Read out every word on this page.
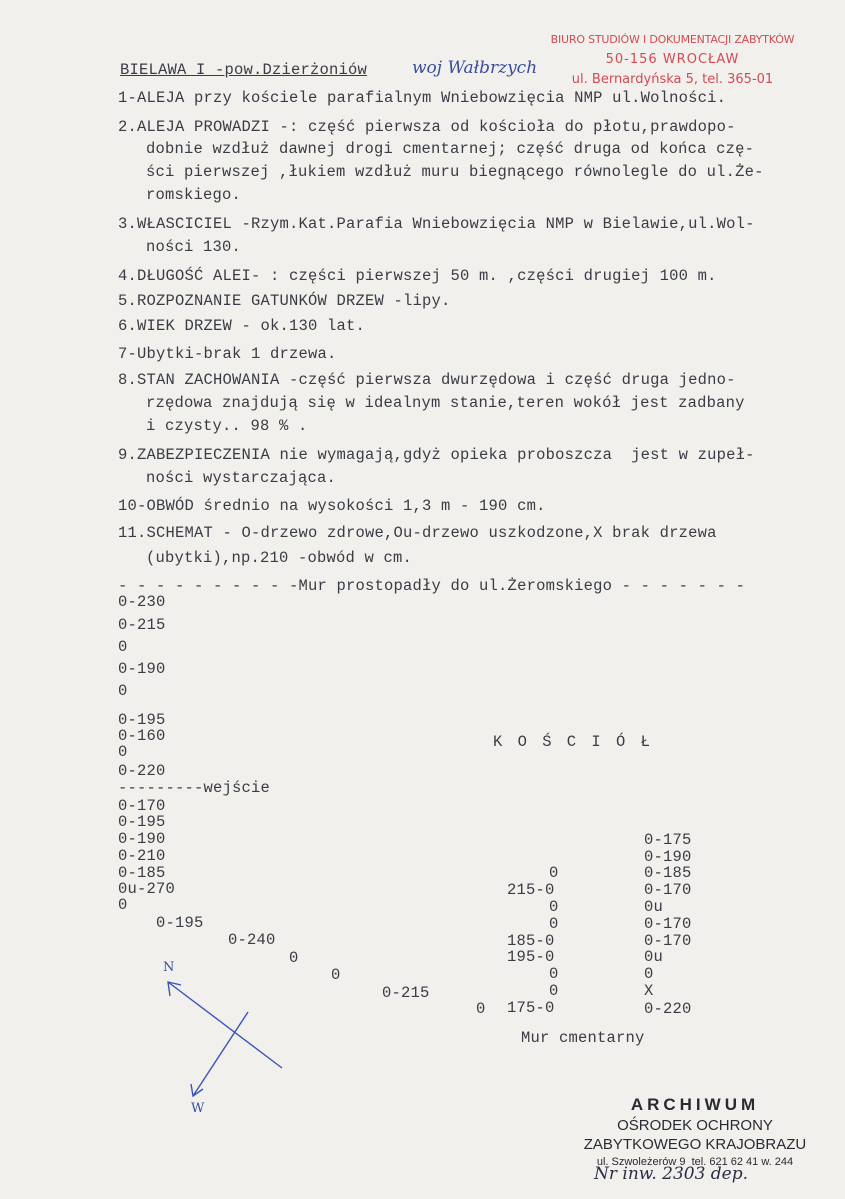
BIELAWA I -pow.Dzierżoniów	woj Wałbrzych
BIURO STUDIÓW I DOKUMENTACJI ZABYTKÓW
50-156 WROCŁAW
ul. Bernardyńska 5, tel. 365-01
1-ALEJA przy kościele parafialnym Wniebowzięcia NMP ul.Wolności.
2.ALEJA PROWADZI -: część pierwsza od kościoła do płotu,prawdopo-
dobnie wzdłuż dawnej drogi cmentarnej; część druga od końca czę-
ści pierwszej ,łukiem wzdłuż muru biegnącego równolegle do ul.Że-
romskiego.
3.WŁASCICIEL -Rzym.Kat.Parafia Wniebowzięcia NMP w Bielawie,ul.Wol-
ności 130.
4.DŁUGOŚĆ ALEI- : części pierwszej 50 m. ,części drugiej 100 m.
5.ROZPOZNANIE GATUNKÓW DRZEW -lipy.
6.WIEK DRZEW - ok.130 lat.
7-Ubytki-brak 1 drzewa.
8.STAN ZACHOWANIA -część pierwsza dwurzędowa i część druga jedno-
rzędowa znajdują się w idealnym stanie,teren wokół jest zadbany
i czysty.. 98 % .
9.ZABEZPIECZENIA nie wymagają,gdyż opieka proboszcza  jest w zupeł-
ności wystarczająca.
10-OBWÓD średnio na wysokości 1,3 m - 190 cm.
11.SCHEMAT - O-drzewo zdrowe,Ou-drzewo uszkodzone,X brak drzewa
(ubytki),np.210 -obwód w cm.
- - - - - - - - - -Mur prostopadły do ul.Żeromskiego - - - - - - -
0-230
0-215
0
0-190
0
0-195
0-160
0
0-220
---------wejście
0-170
0-195
0-190
0-210
0-185
0u-270
0
0-195
0-240
0
0
0-215
0
K O Ś C I Ó Ł
0
215-0
0
0
185-0
195-0
0
0
175-0
0-175
0-190
0-185
0-170
0u
0-170
0-170
0u
0
X
0-220
Mur cmentarny
N
W	ARCHIWUM
OŚRODEK OCHRONY
ZABYTKOWEGO KRAJOBRAZU
ul. Szwoleżerów 9  tel. 621 62 41 w. 244
Nr inw. 2303 dep.
